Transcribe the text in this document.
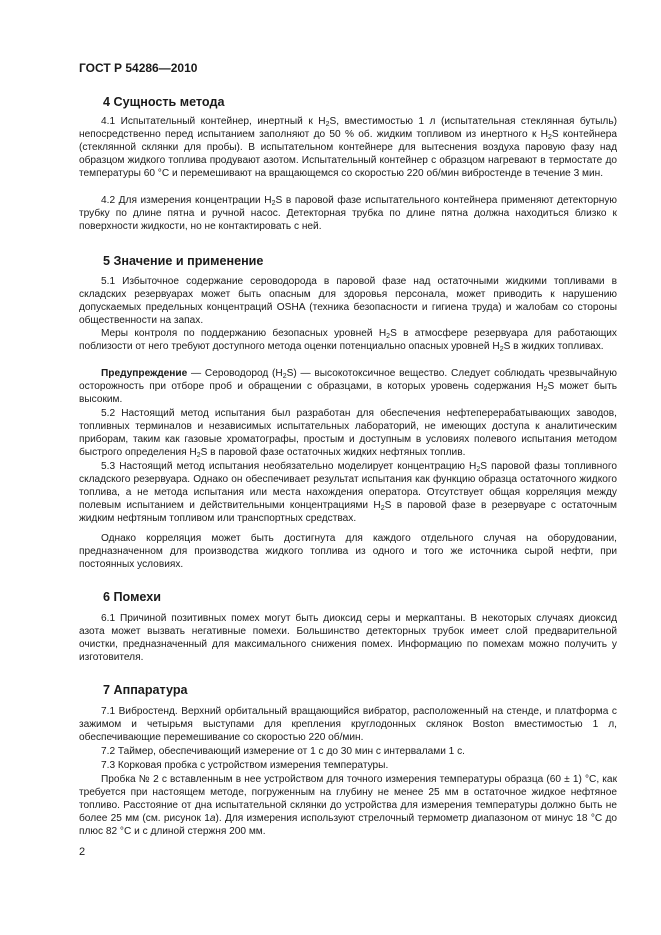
ГОСТ Р 54286—2010

4 Сущность метода

4.1 Испытательный контейнер, инертный к $H_2S$, вместимостью 1 л (испытательная стеклянная бутыль) непосредственно перед испытанием заполняют до 50 % об. жидким топливом из инертного к $H_2S$ контейнера (стеклянной склянки для пробы). В испытательном контейнере для вытеснения воздуха паровую фазу над образцом жидкого топлива продувают азотом. Испытательный контейнер с образцом нагревают в термостате до температуры 60 °С и перемешивают на вращающемся со скоростью 220 об/мин вибростенде в течение 3 мин.

4.2 Для измерения концентрации $H_2S$ в паровой фазе испытательного контейнера применяют детекторную трубку по длине пятна и ручной насос. Детекторная трубка по длине пятна должна находиться близко к поверхности жидкости, но не контактировать с ней.

5 Значение и применение

5.1 Избыточное содержание сероводорода в паровой фазе над остаточными жидкими топливами в складских резервуарах может быть опасным для здоровья персонала, может приводить к нарушению допускаемых предельных концентраций OSHA (техника безопасности и гигиена труда) и жалобам со стороны общественности на запах.

Меры контроля по поддержанию безопасных уровней $H_2S$ в атмосфере резервуара для работающих поблизости от него требуют доступного метода оценки потенциально опасных уровней $H_2S$ в жидких топливах.

Предупреждение — Сероводород $(H_2S)$ — высокотоксичное вещество. Следует соблюдать чрезвычайную осторожность при отборе проб и обращении с образцами, в которых уровень содержания $H_2S$ может быть высоким.

5.2 Настоящий метод испытания был разработан для обеспечения нефтеперерабатывающих заводов, топливных терминалов и независимых испытательных лабораторий, не имеющих доступа к аналитическим приборам, таким как газовые хроматографы, простым и доступным в условиях полевого испытания методом быстрого определения $H_2S$ в паровой фазе остаточных жидких нефтяных топлив.

5.3 Настоящий метод испытания необязательно моделирует концентрацию $H_2S$ паровой фазы топливного складского резервуара. Однако он обеспечивает результат испытания как функцию образца остаточного жидкого топлива, а не метода испытания или места нахождения оператора. Отсутствует общая корреляция между полевым испытанием и действительными концентрациями $H_2S$ в паровой фазе в резервуаре с остаточным жидким нефтяным топливом или транспортных средствах.

Однако корреляция может быть достигнута для каждого отдельного случая на оборудовании, предназначенном для производства жидкого топлива из одного и того же источника сырой нефти, при постоянных условиях.

6 Помехи

6.1 Причиной позитивных помех могут быть диоксид серы и меркаптаны. В некоторых случаях диоксид азота может вызвать негативные помехи. Большинство детекторных трубок имеет слой предварительной очистки, предназначенный для максимального снижения помех. Информацию по помехам можно получить у изготовителя.

7 Аппаратура

7.1 Вибростенд. Верхний орбитальный вращающийся вибратор, расположенный на стенде, и платформа с зажимом и четырьмя выступами для крепления круглодонных склянок Boston вместимостью 1 л, обеспечивающие перемешивание со скоростью 220 об/мин.

7.2 Таймер, обеспечивающий измерение от 1 с до 30 мин с интервалами 1 с.

7.3 Корковая пробка с устройством измерения температуры.

Пробка № 2 с вставленным в нее устройством для точного измерения температуры образца (60 ± 1) °С, как требуется при настоящем методе, погруженным на глубину не менее 25 мм в остаточное жидкое нефтяное топливо. Расстояние от дна испытательной склянки до устройства для измерения температуры должно быть не более 25 мм (см. рисунок 1а). Для измерения используют стрелочный термометр диапазоном от минус 18 °С до плюс 82 °С и с длиной стержня 200 мм.

2
